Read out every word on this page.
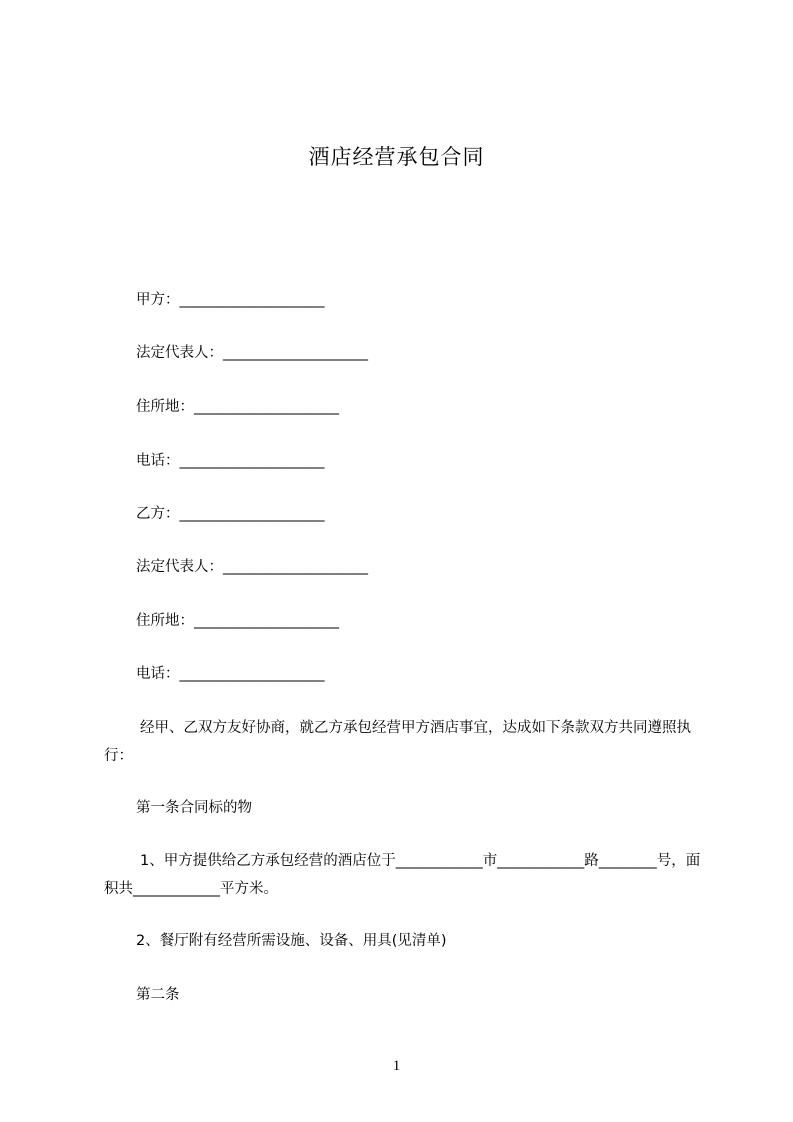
酒店经营承包合同
甲方：____________________
法定代表人：____________________
住所地：____________________
电话：____________________
乙方：____________________
法定代表人：____________________
住所地：____________________
电话：____________________
经甲、乙双方友好协商，就乙方承包经营甲方酒店事宜，达成如下条款双方共同遵照执行：
第一条合同标的物
1、甲方提供给乙方承包经营的酒店位于____________市____________路________号，面积共____________平方米。
2、餐厅附有经营所需设施、设备、用具(见清单)
第二条
1
